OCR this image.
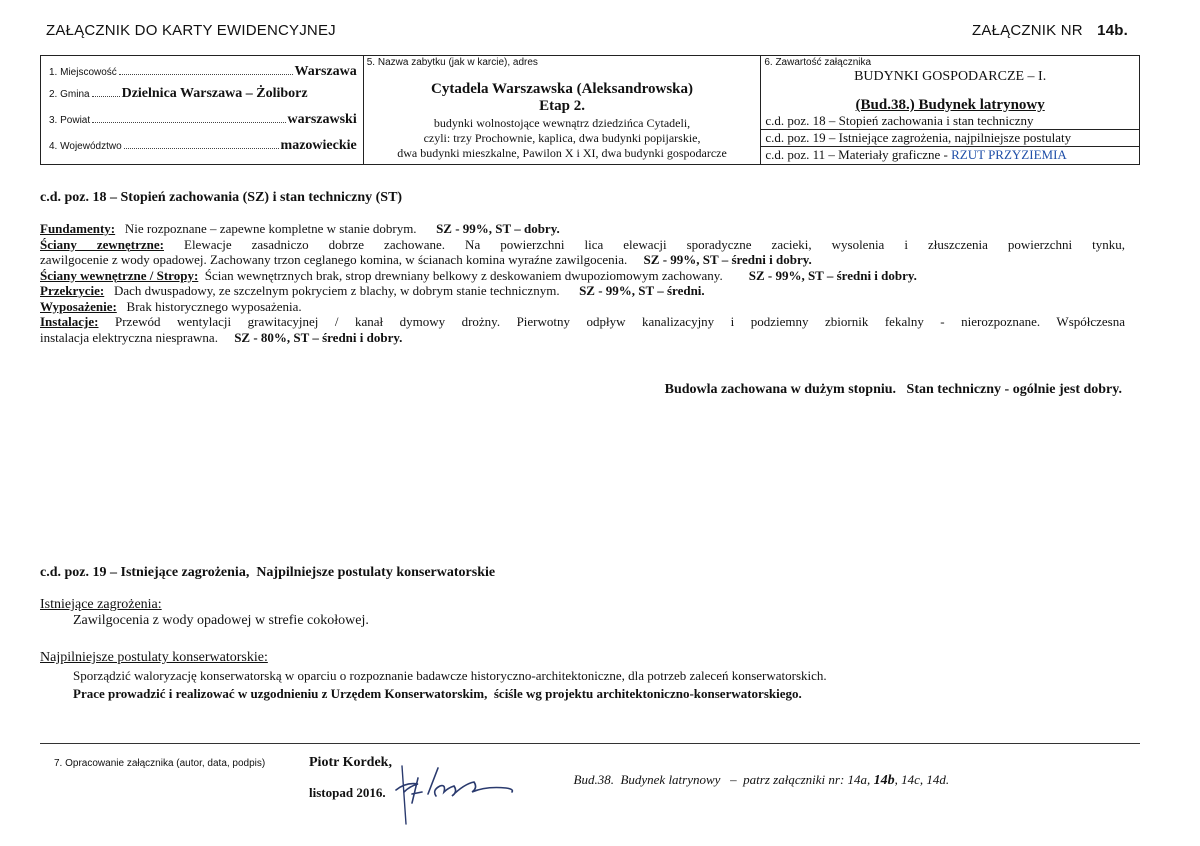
ZAŁĄCZNIK DO KARTY EWIDENCYJNEJ	ZAŁĄCZNIK NR 14b.
1. Miejscowość	Warszawa
2. Gmina Dzielnica Warszawa – Żoliborz
3. Powiat	warszawski
4. Województwo	mazowieckie

5. Nazwa zabytku (jak w karcie), adres
Cytadela Warszawska (Aleksandrowska)
Etap 2.
budynki wolnostojące wewnątrz dziedzińca Cytadeli,
czyli: trzy Prochownie, kaplica, dwa budynki popijarskie,
dwa budynki mieszkalne, Pawilon X i XI, dwa budynki gospodarcze

6. Zawartość załącznika
BUDYNKI GOSPODARCZE – I.
(Bud.38.) Budynek latrynowy
c.d. poz. 18 – Stopień zachowania i stan techniczny
c.d. poz. 19 – Istniejące zagrożenia, najpilniejsze postulaty
c.d. poz. 11 – Materiały graficzne - RZUT PRZYZIEMIA
c.d. poz. 18 – Stopień zachowania (SZ) i stan techniczny (ST)
Fundamenty: Nie rozpoznane – zapewne kompletne w stanie dobrym. SZ - 99%, ST – dobry.
Ściany zewnętrzne: Elewacje zasadniczo dobrze zachowane. Na powierzchni lica elewacji sporadyczne zacieki, wysolenia i złuszczenia powierzchni tynku,
zawilgocenie z wody opadowej. Zachowany trzon ceglanego komina, w ścianach komina wyraźne zawilgocenia. SZ - 99%, ST – średni i dobry.
Ściany wewnętrzne / Stropy: Ścian wewnętrznych brak, strop drewniany belkowy z deskowaniem dwupoziomowym zachowany. SZ - 99%, ST – średni i dobry.
Przekrycie: Dach dwuspadowy, ze szczelnym pokryciem z blachy, w dobrym stanie technicznym. SZ - 99%, ST – średni.
Wyposażenie: Brak historycznego wyposażenia.
Instalacje: Przewód wentylacji grawitacyjnej / kanał dymowy drożny. Pierwotny odpływ kanalizacyjny i podziemny zbiornik fekalny - nierozpoznane. Współczesna
instalacja elektryczna niesprawna. SZ - 80%, ST – średni i dobry.
Budowla zachowana w dużym stopniu.   Stan techniczny - ogólnie jest dobry.
c.d. poz. 19 – Istniejące zagrożenia,  Najpilniejsze postulaty konserwatorskie
Istniejące zagrożenia:
Zawilgocenia z wody opadowej w strefie cokołowej.
Najpilniejsze postulaty konserwatorskie:
Sporządzić waloryzację konserwatorską w oparciu o rozpoznanie badawcze historyczno-architektoniczne, dla potrzeb zaleceń konserwatorskich.
Prace prowadzić i realizować w uzgodnieniu z Urzędem Konserwatorskim,  ściśle wg projektu architektoniczno-konserwatorskiego.
7. Opracowanie załącznika (autor, data, podpis)	Piotr Kordek,
listopad 2016.

Bud.38.  Budynek latrynowy   –  patrz załączniki nr: 14a, 14b, 14c, 14d.
